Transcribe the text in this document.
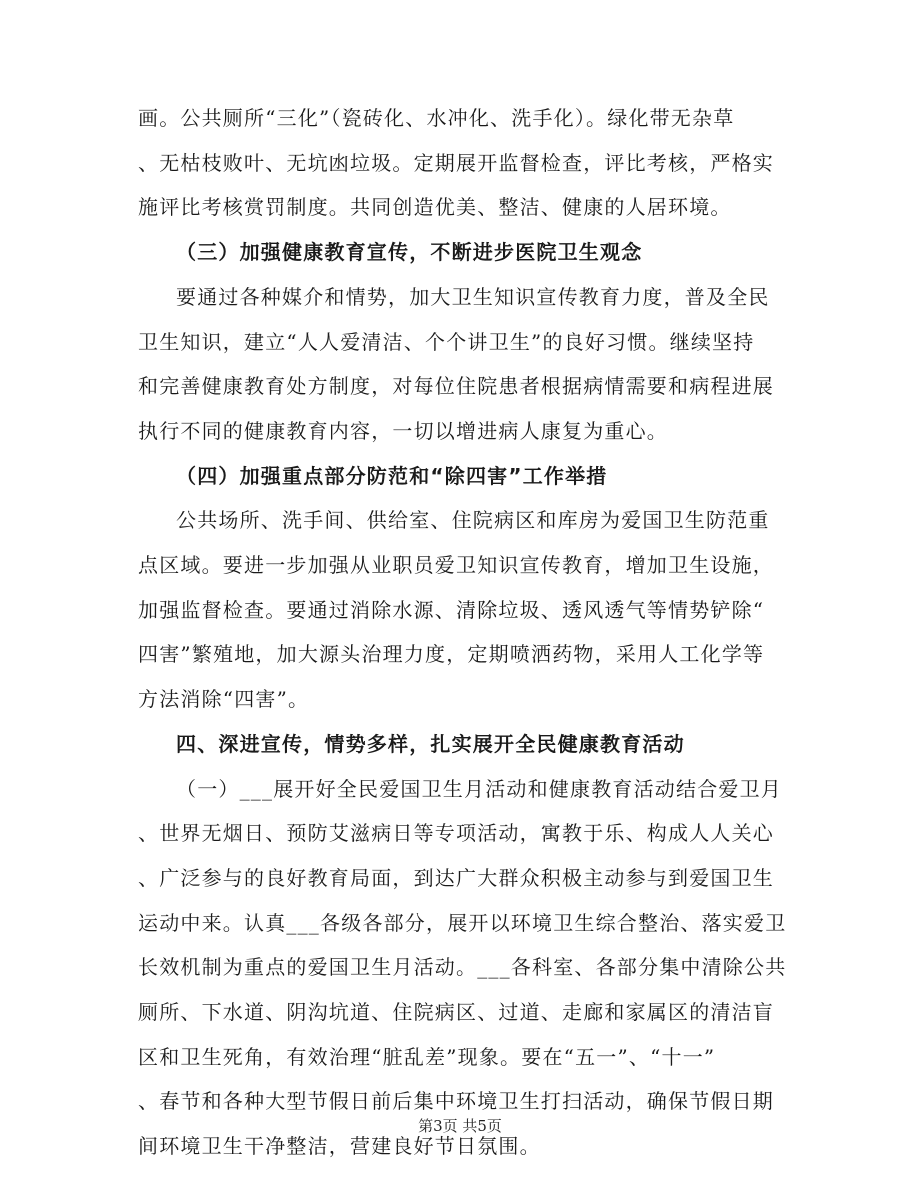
画。公共厕所“三化”（瓷砖化、水冲化、洗手化）。绿化带无杂草
、无枯枝败叶、无坑凼垃圾。定期展开监督检查，评比考核，严格实
施评比考核赏罚制度。共同创造优美、整洁、健康的人居环境。
（三）加强健康教育宣传，不断进步医院卫生观念
要通过各种媒介和情势，加大卫生知识宣传教育力度，普及全民
卫生知识，建立“人人爱清洁、个个讲卫生”的良好习惯。继续坚持
和完善健康教育处方制度，对每位住院患者根据病情需要和病程进展
执行不同的健康教育内容，一切以增进病人康复为重心。
（四）加强重点部分防范和“除四害”工作举措
公共场所、洗手间、供给室、住院病区和库房为爱国卫生防范重
点区域。要进一步加强从业职员爱卫知识宣传教育，增加卫生设施，
加强监督检查。要通过消除水源、清除垃圾、透风透气等情势铲除“
四害”繁殖地，加大源头治理力度，定期喷洒药物，采用人工化学等
方法消除“四害”。
四、深进宣传，情势多样，扎实展开全民健康教育活动
（一）___展开好全民爱国卫生月活动和健康教育活动结合爱卫月
、世界无烟日、预防艾滋病日等专项活动，寓教于乐、构成人人关心
、广泛参与的良好教育局面，到达广大群众积极主动参与到爱国卫生
运动中来。认真___各级各部分，展开以环境卫生综合整治、落实爱卫
长效机制为重点的爱国卫生月活动。___各科室、各部分集中清除公共
厕所、下水道、阴沟坑道、住院病区、过道、走廊和家属区的清洁盲
区和卫生死角，有效治理“脏乱差”现象。要在“五一”、“十一”
、春节和各种大型节假日前后集中环境卫生打扫活动，确保节假日期
间环境卫生干净整洁，营建良好节日氛围。
第3页 共5页
